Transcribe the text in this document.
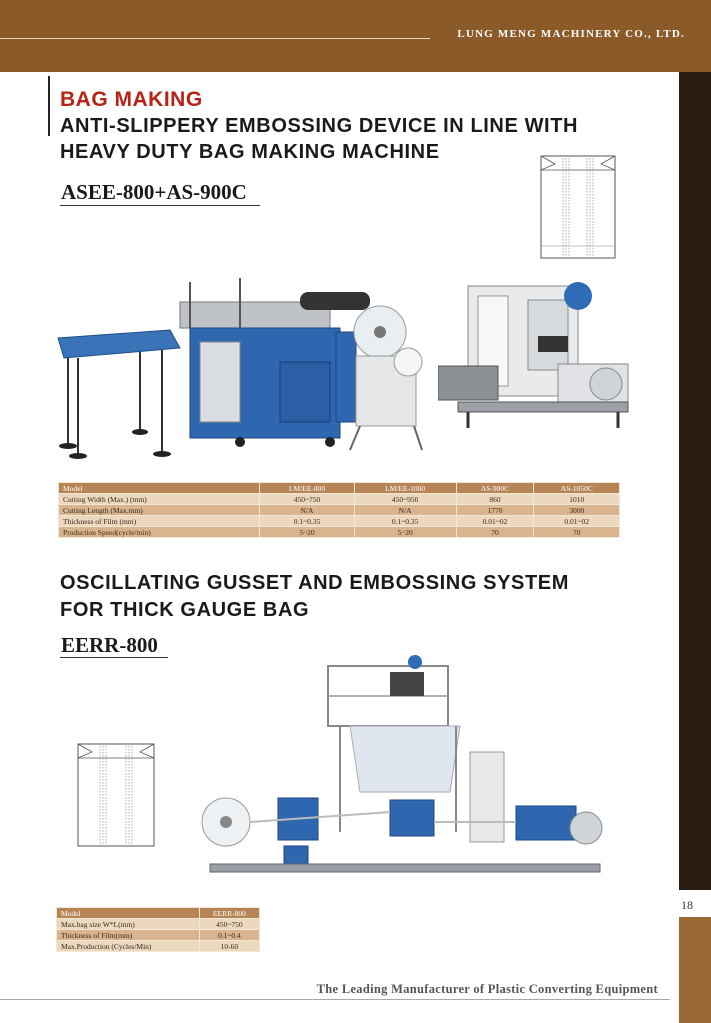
LUNG MENG MACHINERY CO., LTD.
18
BAG MAKING
ANTI-SLIPPERY EMBOSSING DEVICE IN LINE WITH
HEAVY DUTY BAG MAKING MACHINE
ASEE-800+AS-900C
Model	LM/EE-800	LM/EE-1000	AS-900C	AS-1050C
Cutting Width (Max.) (mm)	450~750	450~950	860	1010
Cutting Length (Max.mm)	N/A	N/A	1770	3000
Thickness of Film (mm)	0.1~0.35	0.1~0.35	0.01~02	0.01~02
Production Speed(cycle/min)	5~20	5~20	70	70
OSCILLATING GUSSET AND EMBOSSING SYSTEM
FOR THICK GAUGE BAG
EERR-800
Model	EERR-800
Max.bag size W*L(mm)	450~750
Thickness of Film(mm)	0.1~0.4
Max.Production (Cycles/Min)	10-60
The Leading Manufacturer of Plastic Converting Equipment
